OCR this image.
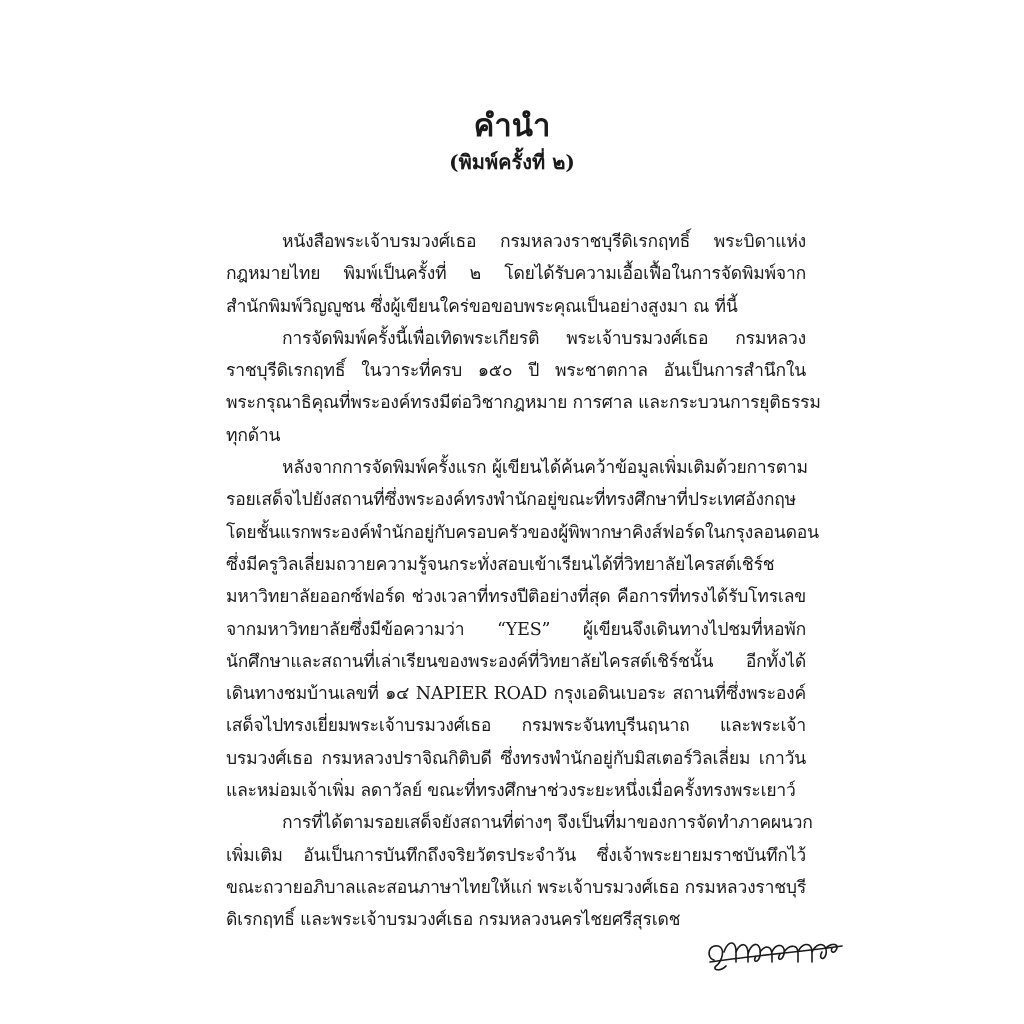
คำนำ
(พิมพ์ครั้งที่ ๒)
หนังสือพระเจ้าบรมวงศ์เธอ กรมหลวงราชบุรีดิเรกฤทธิ์ พระบิดาแห่ง
กฎหมายไทย พิมพ์เป็นครั้งที่ ๒ โดยได้รับความเอื้อเฟื้อในการจัดพิมพ์จาก
สำนักพิมพ์วิญญูชน ซึ่งผู้เขียนใคร่ขอขอบพระคุณเป็นอย่างสูงมา ณ ที่นี้
การจัดพิมพ์ครั้งนี้เพื่อเทิดพระเกียรติ พระเจ้าบรมวงศ์เธอ กรมหลวง
ราชบุรีดิเรกฤทธิ์ ในวาระที่ครบ ๑๕๐ ปี พระชาตกาล อันเป็นการสำนึกใน
พระกรุณาธิคุณที่พระองค์ทรงมีต่อวิชากฎหมาย การศาล และกระบวนการยุติธรรม
ทุกด้าน
หลังจากการจัดพิมพ์ครั้งแรก ผู้เขียนได้ค้นคว้าข้อมูลเพิ่มเติมด้วยการตาม
รอยเสด็จไปยังสถานที่ซึ่งพระองค์ทรงพำนักอยู่ขณะที่ทรงศึกษาที่ประเทศอังกฤษ
โดยชั้นแรกพระองค์พำนักอยู่กับครอบครัวของผู้พิพากษาคิงส์ฟอร์ดในกรุงลอนดอน
ซึ่งมีครูวิลเลี่ยมถวายความรู้จนกระทั่งสอบเข้าเรียนได้ที่วิทยาลัยไครสต์เชิร์ช
มหาวิทยาลัยออกซ์ฟอร์ด ช่วงเวลาที่ทรงปีติอย่างที่สุด คือการที่ทรงได้รับโทรเลข
จากมหาวิทยาลัยซึ่งมีข้อความว่า “YES” ผู้เขียนจึงเดินทางไปชมที่หอพัก
นักศึกษาและสถานที่เล่าเรียนของพระองค์ที่วิทยาลัยไครสต์เชิร์ชนั้น อีกทั้งได้
เดินทางชมบ้านเลขที่ ๑๔ NAPIER ROAD กรุงเอดินเบอระ สถานที่ซึ่งพระองค์
เสด็จไปทรงเยี่ยมพระเจ้าบรมวงศ์เธอ กรมพระจันทบุรีนฤนาถ และพระเจ้า
บรมวงศ์เธอ กรมหลวงปราจิณกิติบดี ซึ่งทรงพำนักอยู่กับมิสเตอร์วิลเลี่ยม เกาวัน
และหม่อมเจ้าเพิ่ม ลดาวัลย์ ขณะที่ทรงศึกษาช่วงระยะหนึ่งเมื่อครั้งทรงพระเยาว์
การที่ได้ตามรอยเสด็จยังสถานที่ต่างๆ จึงเป็นที่มาของการจัดทำภาคผนวก
เพิ่มเติม อันเป็นการบันทึกถึงจริยวัตรประจำวัน ซึ่งเจ้าพระยายมราชบันทึกไว้
ขณะถวายอภิบาลและสอนภาษาไทยให้แก่ พระเจ้าบรมวงศ์เธอ กรมหลวงราชบุรี
ดิเรกฤทธิ์ และพระเจ้าบรมวงศ์เธอ กรมหลวงนครไชยศรีสุรเดช
